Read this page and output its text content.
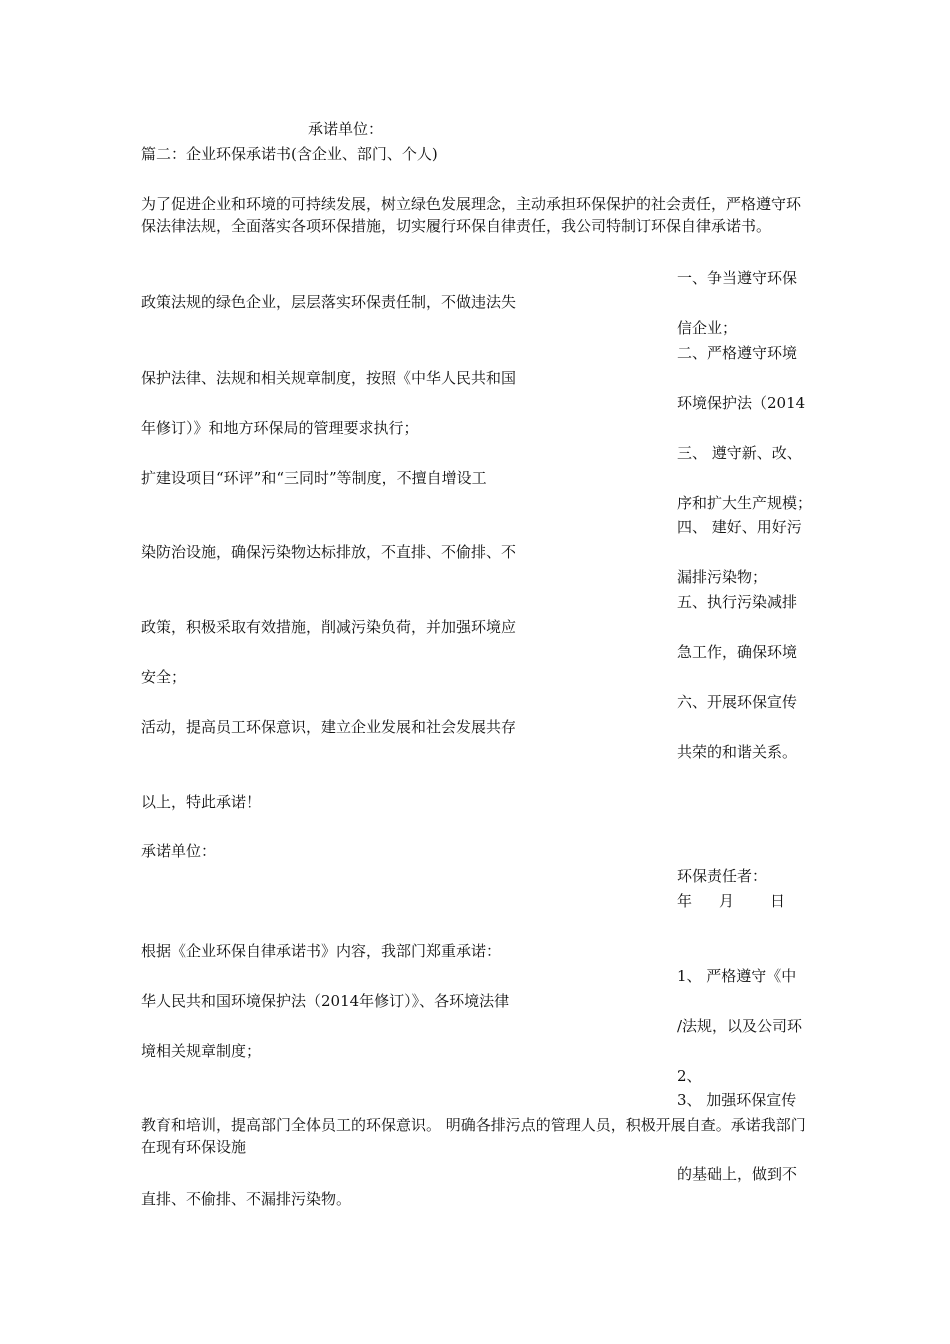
承诺单位：
篇二：企业环保承诺书(含企业、部门、个人)
为了促进企业和环境的可持续发展，树立绿色发展理念，主动承担环保保护的社会责任，严格遵守环保法律法规，全面落实各项环保措施，切实履行环保自律责任，我公司特制订环保自律承诺书。
一、争当遵守环保
政策法规的绿色企业，层层落实环保责任制，不做违法失
信企业；
二、严格遵守环境
保护法律、法规和相关规章制度，按照《中华人民共和国
环境保护法（2014
年修订）》和地方环保局的管理要求执行；
三、 遵守新、改、
扩建设项目“环评”和“三同时”等制度，不擅自增设工
序和扩大生产规模；
四、 建好、用好污
染防治设施，确保污染物达标排放，不直排、不偷排、不
漏排污染物；
五、执行污染减排
政策，积极采取有效措施，削减污染负荷，并加强环境应
急工作，确保环境
安全；
六、开展环保宣传
活动，提高员工环保意识，建立企业发展和社会发展共存
共荣的和谐关系。
以上，特此承诺！
承诺单位：
环保责任者：
年 月 日
根据《企业环保自律承诺书》内容，我部门郑重承诺：
1、 严格遵守《中
华人民共和国环境保护法（2014年修订）》、各环境法律
/法规，以及公司环
境相关规章制度；
2、
3、 加强环保宣传
教育和培训，提高部门全体员工的环保意识。 明确各排污点的管理人员，积极开展自查。承诺我部门在现有环保设施
的基础上，做到不
直排、不偷排、不漏排污染物。
